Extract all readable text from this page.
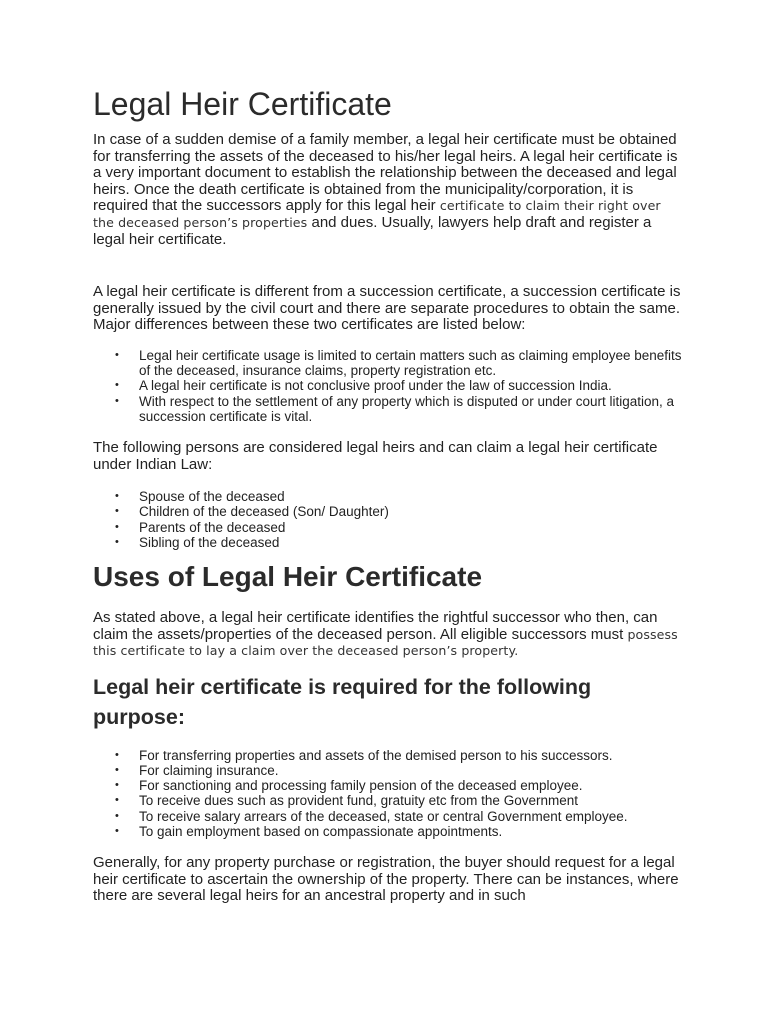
Legal Heir Certificate

In case of a sudden demise of a family member, a legal heir certificate must be obtained for transferring the assets of the deceased to his/her legal heirs. A legal heir certificate is a very important document to establish the relationship between the deceased and legal heirs. Once the death certificate is obtained from the municipality/corporation, it is required that the successors apply for this legal heir certificate to claim their right over the deceased person’s properties and dues. Usually, lawyers help draft and register a legal heir certificate.

A legal heir certificate is different from a succession certificate, a succession certificate is generally issued by the civil court and there are separate procedures to obtain the same. Major differences between these two certificates are listed below:

• Legal heir certificate usage is limited to certain matters such as claiming employee benefits of the deceased, insurance claims, property registration etc.
• A legal heir certificate is not conclusive proof under the law of succession India.
• With respect to the settlement of any property which is disputed or under court litigation, a succession certificate is vital.

The following persons are considered legal heirs and can claim a legal heir certificate under Indian Law:

• Spouse of the deceased
• Children of the deceased (Son/ Daughter)
• Parents of the deceased
• Sibling of the deceased
Uses of Legal Heir Certificate

As stated above, a legal heir certificate identifies the rightful successor who then, can claim the assets/properties of the deceased person. All eligible successors must possess this certificate to lay a claim over the deceased person’s property.

Legal heir certificate is required for the following purpose:
• For transferring properties and assets of the demised person to his successors.
• For claiming insurance.
• For sanctioning and processing family pension of the deceased employee.
• To receive dues such as provident fund, gratuity etc from the Government
• To receive salary arrears of the deceased, state or central Government employee.
• To gain employment based on compassionate appointments.

Generally, for any property purchase or registration, the buyer should request for a legal heir certificate to ascertain the ownership of the property. There can be instances, where there are several legal heirs for an ancestral property and in such
